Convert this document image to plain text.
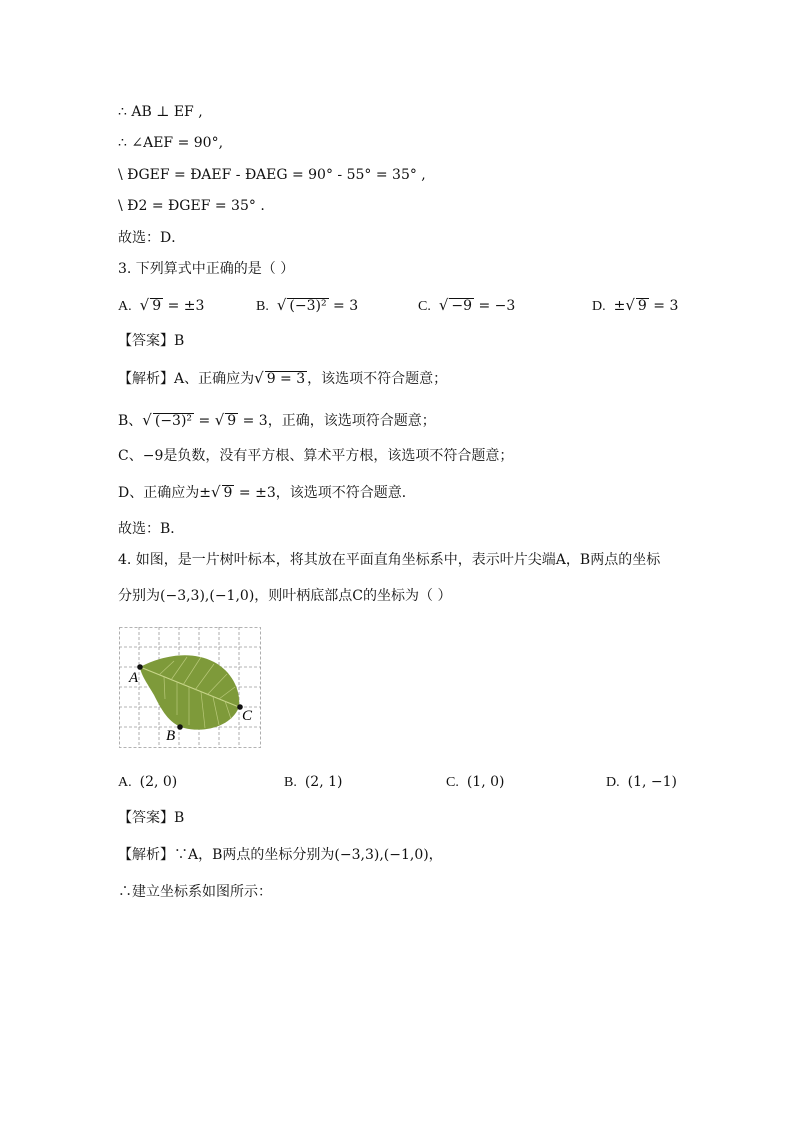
∴ AB ⊥ EF ,
∴ ∠AEF = 90°,
\ ÐGEF = ÐAEF - ÐAEG = 90° - 55° = 35° ,
\ Ð2 = ÐGEF = 35° .
故选：D．
3. 下列算式中正确的是（ ）
A. √ 9 = ±3	B. √ (−3)² = 3	C. √ −9 = −3	D. ±√ 9 = 3
【答案】B
【解析】A、正确应为√ 9 = 3 ，该选项不符合题意；
B、√ (−3)² = √ 9 = 3，正确，该选项符合题意；
C、−9是负数，没有平方根、算术平方根，该选项不符合题意；
D、正确应为±√ 9 = ±3，该选项不符合题意．
故选：B．
4. 如图，是一片树叶标本，将其放在平面直角坐标系中，表示叶片尖端A，B两点的坐标
分别为(−3,3),(−1,0)，则叶柄底部点C的坐标为（ ）
A
B
C
A. (2, 0)	B. (2, 1)	C. (1, 0)	D. (1, −1)
【答案】B
【解析】∵A，B两点的坐标分别为(−3,3),(−1,0)，
∴建立坐标系如图所示：
